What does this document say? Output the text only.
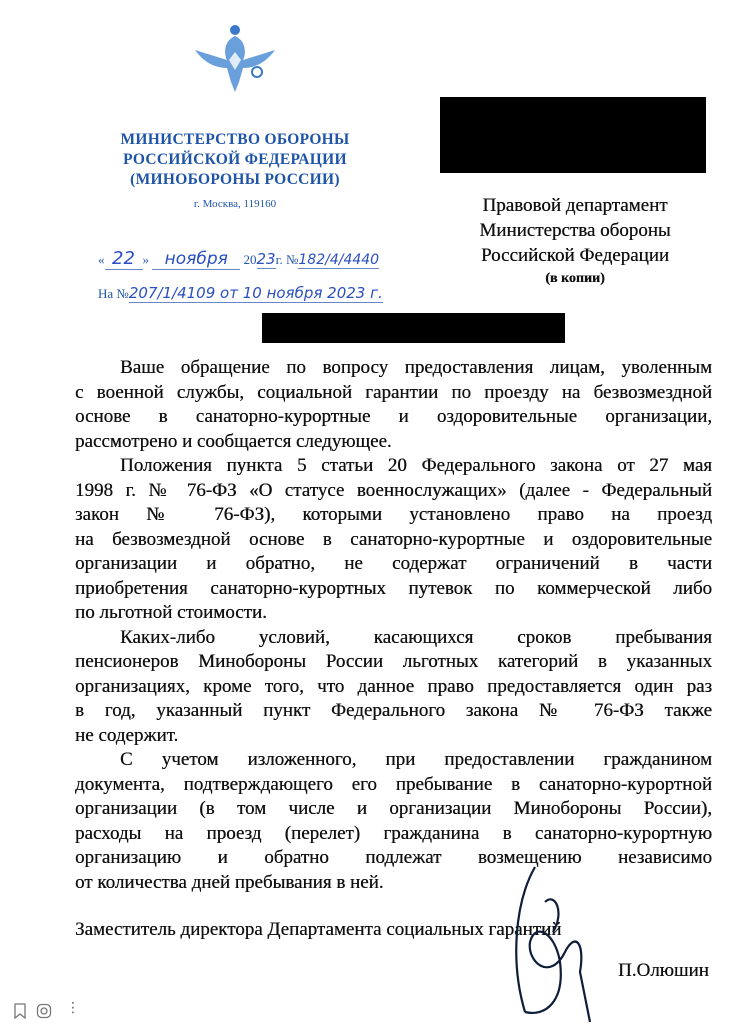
МИНИСТЕРСТВО ОБОРОНЫ
РОССИЙСКОЙ ФЕДЕРАЦИИ
(МИНОБОРОНЫ РОССИИ)
г. Москва, 119160
« 22 » ноября 2023г. №182/4/4440
На №207/1/4109 от 10 ноября 2023 г.
Правовой департамент
Министерства обороны
Российской Федерации
(в копии)
Ваше обращение по вопросу предоставления лицам, уволенным
с военной службы, социальной гарантии по проезду на безвозмездной
основе в санаторно-курортные и оздоровительные организации,
рассмотрено и сообщается следующее.
Положения пункта 5 статьи 20 Федерального закона от 27 мая
1998 г. № 76-ФЗ «О статусе военнослужащих» (далее - Федеральный
закон № 76-ФЗ), которыми установлено право на проезд
на безвозмездной основе в санаторно-курортные и оздоровительные
организации и обратно, не содержат ограничений в части
приобретения санаторно-курортных путевок по коммерческой либо
по льготной стоимости.
Каких-либо условий, касающихся сроков пребывания
пенсионеров Минобороны России льготных категорий в указанных
организациях, кроме того, что данное право предоставляется один раз
в год, указанный пункт Федерального закона № 76-ФЗ также
не содержит.
С учетом изложенного, при предоставлении гражданином
документа, подтверждающего его пребывание в санаторно-курортной
организации (в том числе и организации Минобороны России),
расходы на проезд (перелет) гражданина в санаторно-курортную
организацию и обратно подлежат возмещению независимо
от количества дней пребывания в ней.
Заместитель директора Департамента социальных гарантий
П.Олюшин
⋮
